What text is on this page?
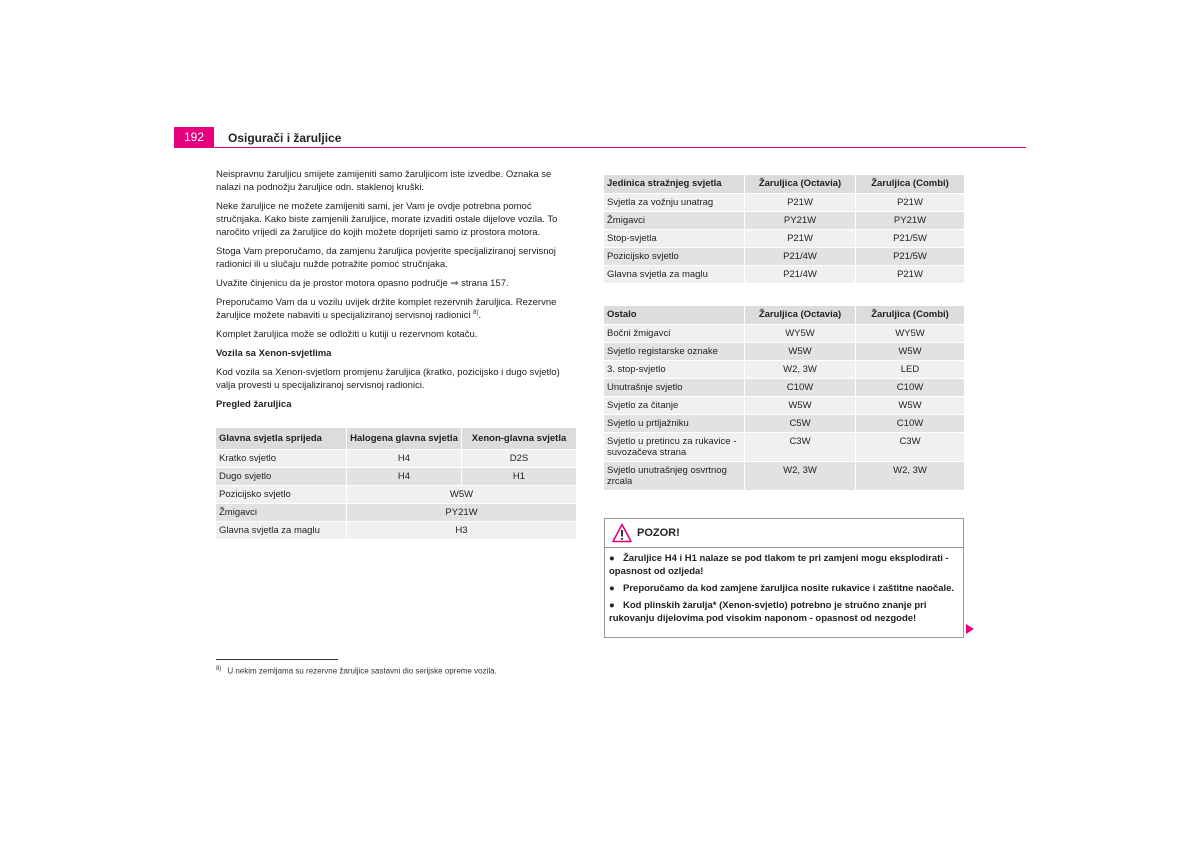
192	Osigurači i žaruljice

Neispravnu žaruljicu smijete zamijeniti samo žaruljicom iste izvedbe. Oznaka se nalazi na podnožju žaruljice odn. staklenoj kruški.

Neke žaruljice ne možete zamijeniti sami, jer Vam je ovdje potrebna pomoć stručnjaka. Kako biste zamjenili žaruljice, morate izvaditi ostale dijelove vozila. To naročito vrijedi za žaruljice do kojih možete doprijeti samo iz prostora motora.

Stoga Vam preporučamo, da zamjenu žaruljica povjerite specijaliziranoj servisnoj radionici ili u slučaju nužde potražite pomoć stručnjaka.

Uvažite činjenicu da je prostor motora opasno područje ⇒ strana 157.

Preporučamo Vam da u vozilu uvijek držite komplet rezervnih žaruljica. Rezervne žaruljice možete nabaviti u specijaliziranoj servisnoj radionici $^{8)}$.

Komplet žaruljica može se odložiti u kutiji u rezervnom kotaču.

Vozila sa Xenon-svjetlima

Kod vozila sa Xenon-svjetlom promjenu žaruljica (kratko, pozicijsko i dugo svjetlo) valja provesti u specijaliziranoj servisnoj radionici.

Pregled žaruljica
Glavna svjetla sprijeda	Halogena glavna svjetla	Xenon-glavna svjetla
Kratko svjetlo	H4	D2S
Dugo svjetlo	H4	H1
Pozicijsko svjetlo	W5W	
Žmigavci	PY21W	
Glavna svjetla za maglu	H3	
Jedinica stražnjeg svjetla	Žaruljica (Octavia)	Žaruljica (Combi)
Svjetla za vožnju unatrag	P21W	P21W
Žmigavci	PY21W	PY21W
Stop-svjetla	P21W	P21/5W
Pozicijsko svjetlo	P21/4W	P21/5W
Glavna svjetla za maglu	P21/4W	P21W
Ostalo	Žaruljica (Octavia)	Žaruljica (Combi)
Bočni žmigavci	WY5W	WY5W
Svjetlo registarske oznake	W5W	W5W
3. stop-svjetlo	W2, 3W	LED
Unutrašnje svjetlo	C10W	C10W
Svjetlo za čitanje	W5W	W5W
Svjetlo u prtljažniku	C5W	C10W
Svjetlo u pretincu za rukavice - suvozačeva strana	C3W	C3W
Svjetlo unutrašnjeg osvrtnog zrcala	W2, 3W	W2, 3W
POZOR!
● Žaruljice H4 i H1 nalaze se pod tlakom te pri zamjeni mogu eksplodirati - opasnost od ozljeda!
● Preporučamo da kod zamjene žaruljica nosite rukavice i zaštitne naočale.
● Kod plinskih žarulja* (Xenon-svjetlo) potrebno je stručno znanje pri rukovanju dijelovima pod visokim naponom - opasnost od nezgode!
$^{8)}$ U nekim zemljama su rezervne žaruljice sastavni dio serijske opreme vozila.
